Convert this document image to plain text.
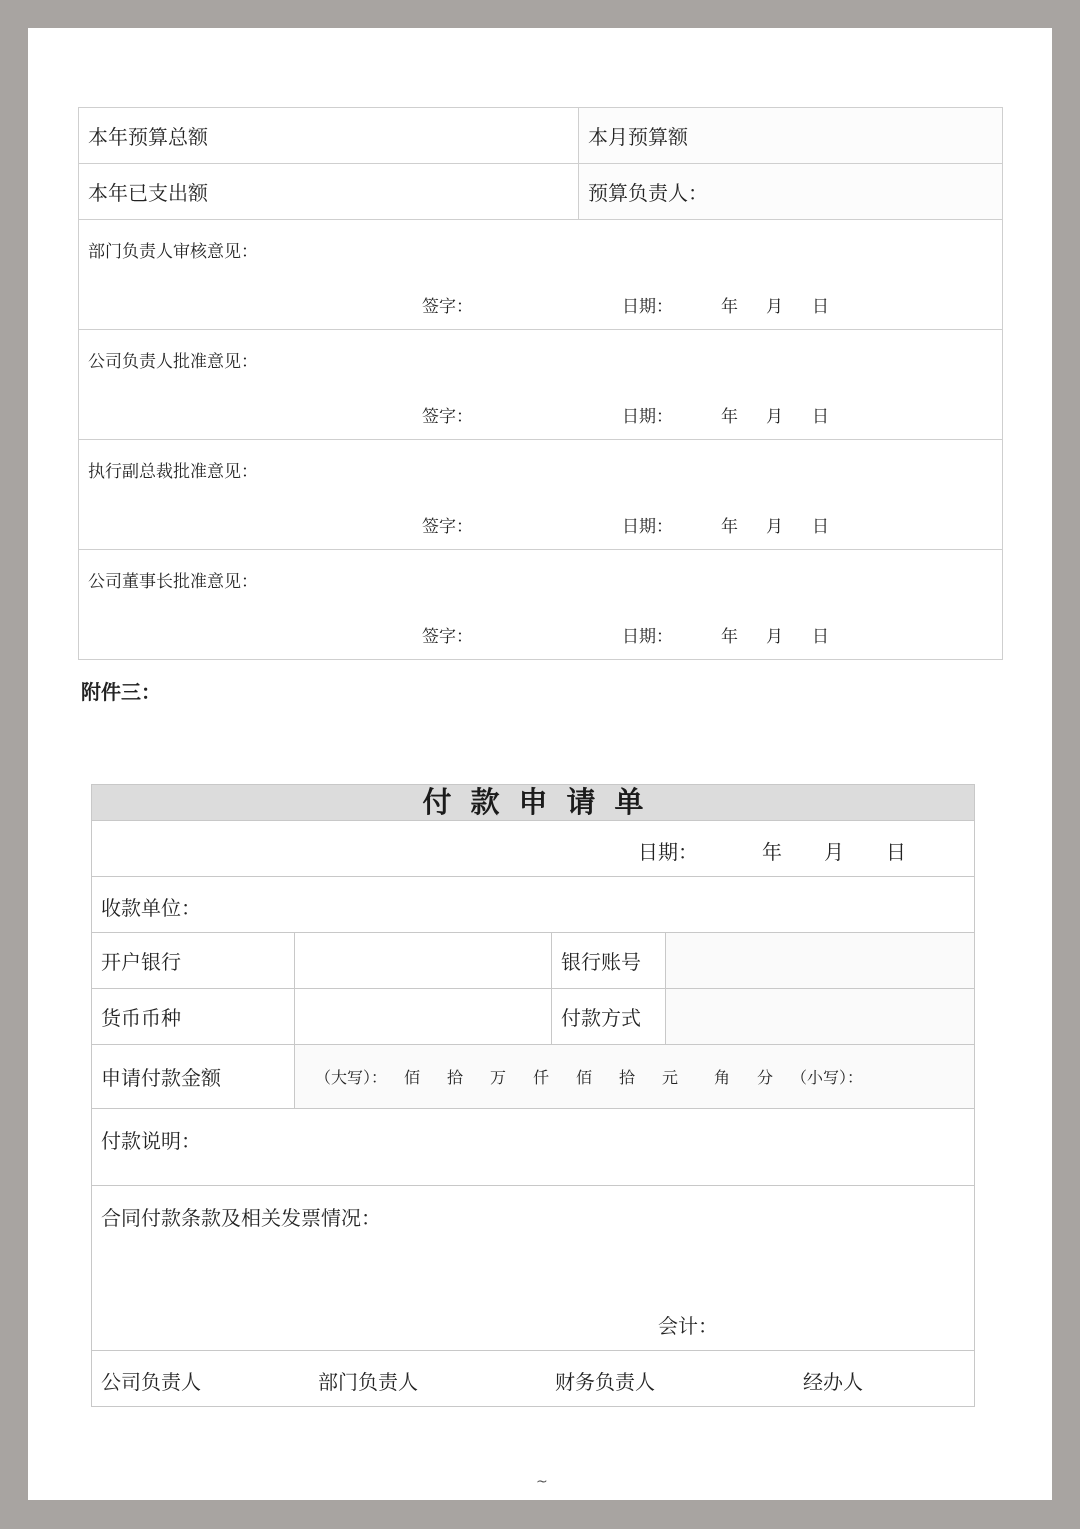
本年预算总额	本月预算额
本年已支出额	预算负责人：
部门负责人审核意见：
签字：	日期：	年 月 日
公司负责人批准意见：
签字：	日期：	年 月 日
执行副总裁批准意见：
签字：	日期：	年 月 日
公司董事长批准意见：
签字：	日期：	年 月 日
附件三：
付款申请单
日期：	年 月 日
收款单位：
开户银行	银行账号
货币币种	付款方式
申请付款金额	（大写）： 佰 拾 万 仟 佰 拾 元 角 分 （小写）：
付款说明：
合同付款条款及相关发票情况：
会计：
公司负责人	部门负责人	财务负责人	经办人
~
